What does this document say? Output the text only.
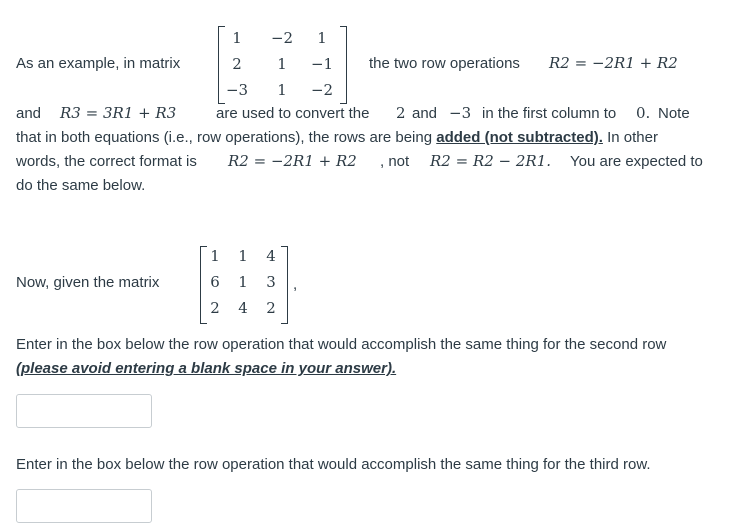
As an example, in matrix
1	−2	1
2	1	−1
−3	1	−2
the two row operations R2 = −2R1 + R2
and R3 = 3R1 + R3	are used to convert the 2 and −3 in the first column to 0. Note
that in both equations (i.e., row operations), the rows are being added (not subtracted). In other
words, the correct format is R2 = −2R1 + R2 , not R2 = R2 − 2R1. You are expected to
do the same below.
Now, given the matrix
1	1	4
6	1	3
2	4	2
,
Enter in the box below the row operation that would accomplish the same thing for the second row
(please avoid entering a blank space in your answer).
Enter in the box below the row operation that would accomplish the same thing for the third row.
